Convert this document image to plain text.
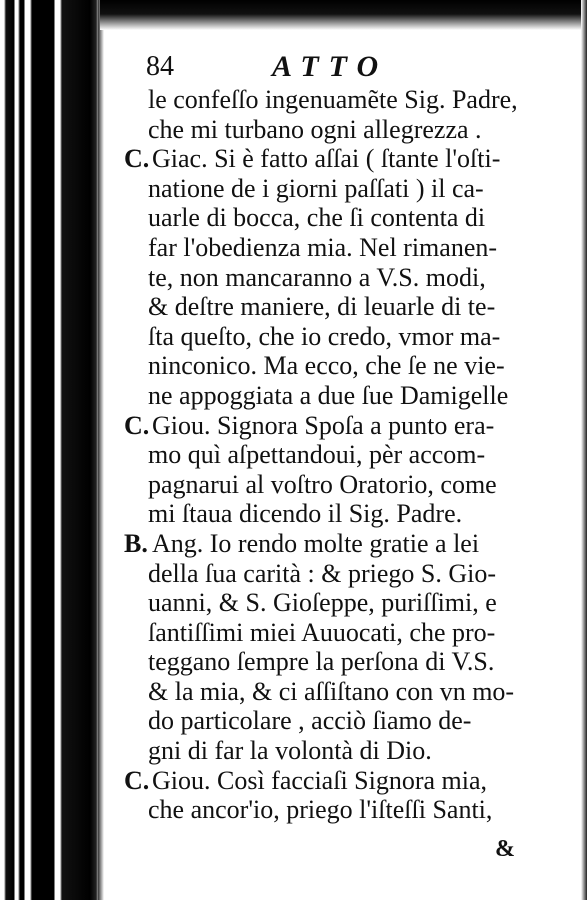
84	ATTO
le confeſſo ingenuamẽte Sig. Padre,
che mi turbano ogni allegrezza .
C. Giac. Si è fatto aſſai ( ſtante l'oſti-
natione de i giorni paſſati ) il ca-
uarle di bocca, che ſi contenta di
far l'obedienza mia. Nel rimanen-
te, non mancaranno a V.S. modi,
& deſtre maniere, di leuarle di te-
ſta queſto, che io credo, vmor ma-
ninconico. Ma ecco, che ſe ne vie-
ne appoggiata a due ſue Damigelle
C. Giou. Signora Spoſa a punto era-
mo quì aſpettandoui, pèr accom-
pagnarui al voſtro Oratorio, come
mi ſtaua dicendo il Sig. Padre.
B. Ang. Io rendo molte gratie a lei
della ſua carità : & priego S. Gio-
uanni, & S. Gioſeppe, puriſſimi, e
ſantiſſimi miei Auuocati, che pro-
teggano ſempre la perſona di V.S.
& la mia, & ci aſſiſtano con vn mo-
do particolare , acciò ſiamo de-
gni di far la volontà di Dio.
C. Giou. Così facciaſi Signora mia,
che ancor'io, priego l'iſteſſi Santi,
&
